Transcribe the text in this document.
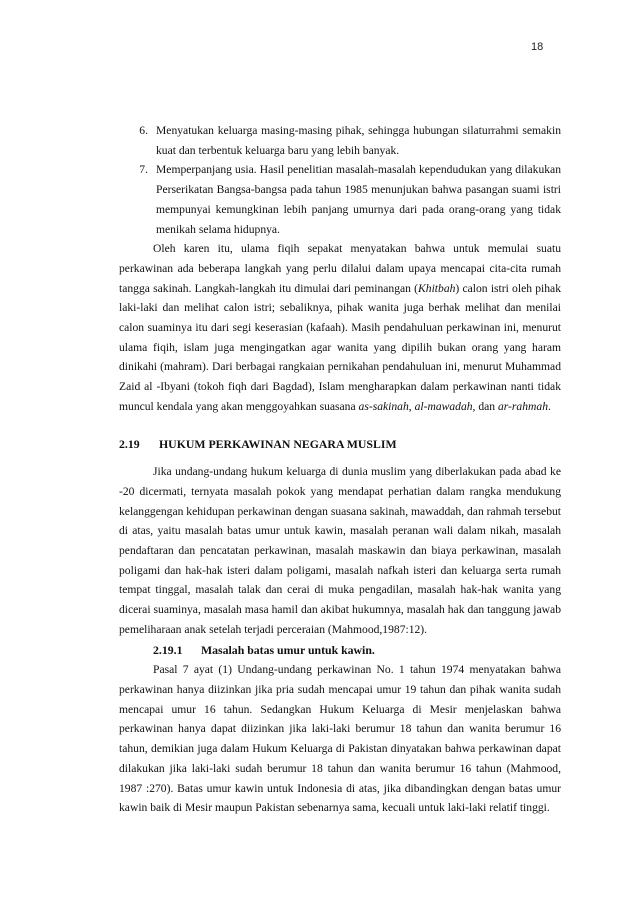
18
6. Menyatukan keluarga masing-masing pihak, sehingga hubungan silaturrahmi semakin kuat dan terbentuk keluarga baru yang lebih banyak.
7. Memperpanjang usia. Hasil penelitian masalah-masalah kependudukan yang dilakukan Perserikatan Bangsa-bangsa pada tahun 1985 menunjukan bahwa pasangan suami istri mempunyai kemungkinan lebih panjang umurnya dari pada orang-orang yang tidak menikah selama hidupnya.

Oleh karen itu, ulama fiqih sepakat menyatakan bahwa untuk memulai suatu perkawinan ada beberapa langkah yang perlu dilalui dalam upaya mencapai cita-cita rumah tangga sakinah. Langkah-langkah itu dimulai dari peminangan (Khitbah) calon istri oleh pihak laki-laki dan melihat calon istri; sebaliknya, pihak wanita juga berhak melihat dan menilai calon suaminya itu dari segi keserasian (kafaah). Masih pendahuluan perkawinan ini, menurut ulama fiqih, islam juga mengingatkan agar wanita yang dipilih bukan orang yang haram dinikahi (mahram). Dari berbagai rangkaian pernikahan pendahuluan ini, menurut Muhammad Zaid al -Ibyani (tokoh fiqh dari Bagdad), Islam mengharapkan dalam perkawinan nanti tidak muncul kendala yang akan menggoyahkan suasana as-sakinah, al-mawadah, dan ar-rahmah.

2.19 HUKUM PERKAWINAN NEGARA MUSLIM

Jika undang-undang hukum keluarga di dunia muslim yang diberlakukan pada abad ke -20 dicermati, ternyata masalah pokok yang mendapat perhatian dalam rangka mendukung kelanggengan kehidupan perkawinan dengan suasana sakinah, mawaddah, dan rahmah tersebut di atas, yaitu masalah batas umur untuk kawin, masalah peranan wali dalam nikah, masalah pendaftaran dan pencatatan perkawinan, masalah maskawin dan biaya perkawinan, masalah poligami dan hak-hak isteri dalam poligami, masalah nafkah isteri dan keluarga serta rumah tempat tinggal, masalah talak dan cerai di muka pengadilan, masalah hak-hak wanita yang dicerai suaminya, masalah masa hamil dan akibat hukumnya, masalah hak dan tanggung jawab pemeliharaan anak setelah terjadi perceraian (Mahmood,1987:12).

2.19.1 Masalah batas umur untuk kawin.

Pasal 7 ayat (1) Undang-undang perkawinan No. 1 tahun 1974 menyatakan bahwa perkawinan hanya diizinkan jika pria sudah mencapai umur 19 tahun dan pihak wanita sudah mencapai umur 16 tahun. Sedangkan Hukum Keluarga di Mesir menjelaskan bahwa perkawinan hanya dapat diizinkan jika laki-laki berumur 18 tahun dan wanita berumur 16 tahun, demikian juga dalam Hukum Keluarga di Pakistan dinyatakan bahwa perkawinan dapat dilakukan jika laki-laki sudah berumur 18 tahun dan wanita berumur 16 tahun (Mahmood, 1987 :270). Batas umur kawin untuk Indonesia di atas, jika dibandingkan dengan batas umur kawin baik di Mesir maupun Pakistan sebenarnya sama, kecuali untuk laki-laki relatif tinggi.
